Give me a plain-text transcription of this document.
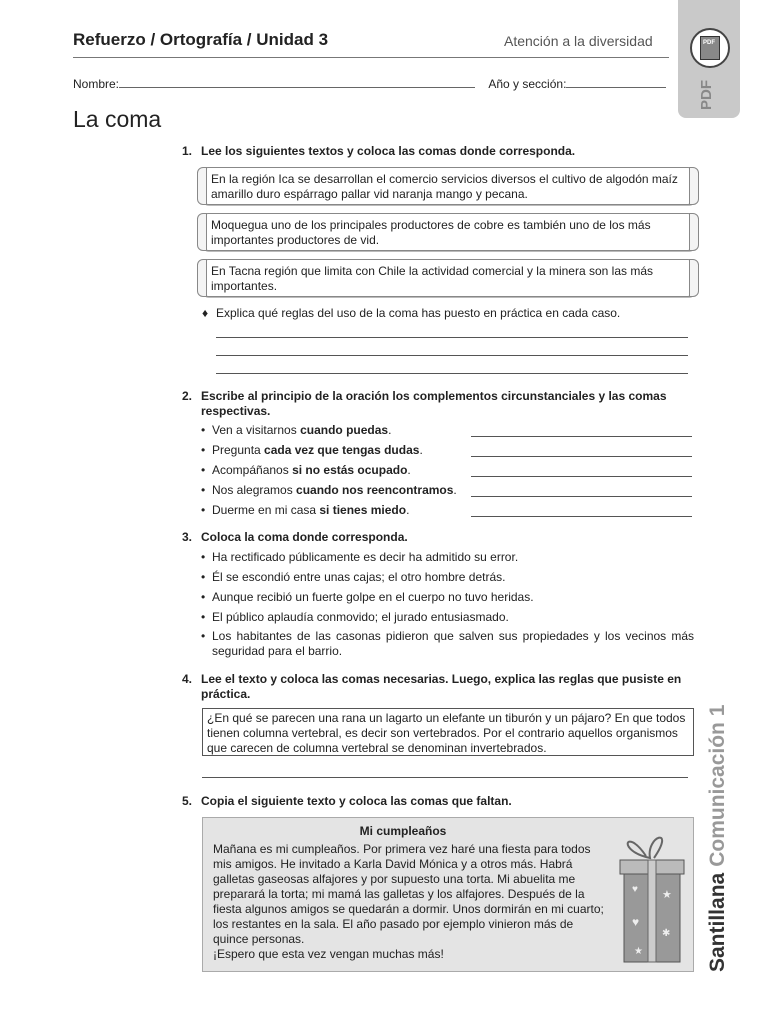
Refuerzo / Ortografía / Unidad 3	Atención a la diversidad	PDF
PDF
Nombre:	Año y sección:
La coma
1. Lee los siguientes textos y coloca las comas donde corresponda.

En la región Ica se desarrollan el comercio servicios diversos el cultivo de algodón maíz amarillo duro espárrago pallar vid naranja mango y pecana.

Moquegua uno de los principales productores de cobre es también uno de los más importantes productores de vid.

En Tacna región que limita con Chile la actividad comercial y la minera son las más importantes.

♦ Explica qué reglas del uso de la coma has puesto en práctica en cada caso.
2. Escribe al principio de la oración los complementos circunstanciales y las comas respectivas.
• Ven a visitarnos cuando puedas.
• Pregunta cada vez que tengas dudas.
• Acompáñanos si no estás ocupado.
• Nos alegramos cuando nos reencontramos.
• Duerme en mi casa si tienes miedo.
3. Coloca la coma donde corresponda.
• Ha rectificado públicamente es decir ha admitido su error.
• Él se escondió entre unas cajas; el otro hombre detrás.
• Aunque recibió un fuerte golpe en el cuerpo no tuvo heridas.
• El público aplaudía conmovido; el jurado entusiasmado.
• Los habitantes de las casonas pidieron que salven sus propiedades y los vecinos más seguridad para el barrio.
4. Lee el texto y coloca las comas necesarias. Luego, explica las reglas que pusiste en práctica.
¿En qué se parecen una rana un lagarto un elefante un tiburón y un pájaro? En que todos tienen columna vertebral, es decir son vertebrados. Por el contrario aquellos organismos que carecen de columna vertebral se denominan invertebrados.
5. Copia el siguiente texto y coloca las comas que faltan.
Mi cumpleaños
Mañana es mi cumpleaños. Por primera vez haré una fiesta para todos mis amigos. He invitado a Karla David Mónica y a otros más. Habrá galletas gaseosas alfajores y por supuesto una torta. Mi abuelita me preparará la torta; mi mamá las galletas y los alfajores. Después de la fiesta algunos amigos se quedarán a dormir. Unos dormirán en mi cuarto; los restantes en la sala. El año pasado por ejemplo vinieron más de quince personas.
¡Espero que esta vez vengan muchas más!
♥ ★
♥
✱
★	SantillanaComunicación 1
